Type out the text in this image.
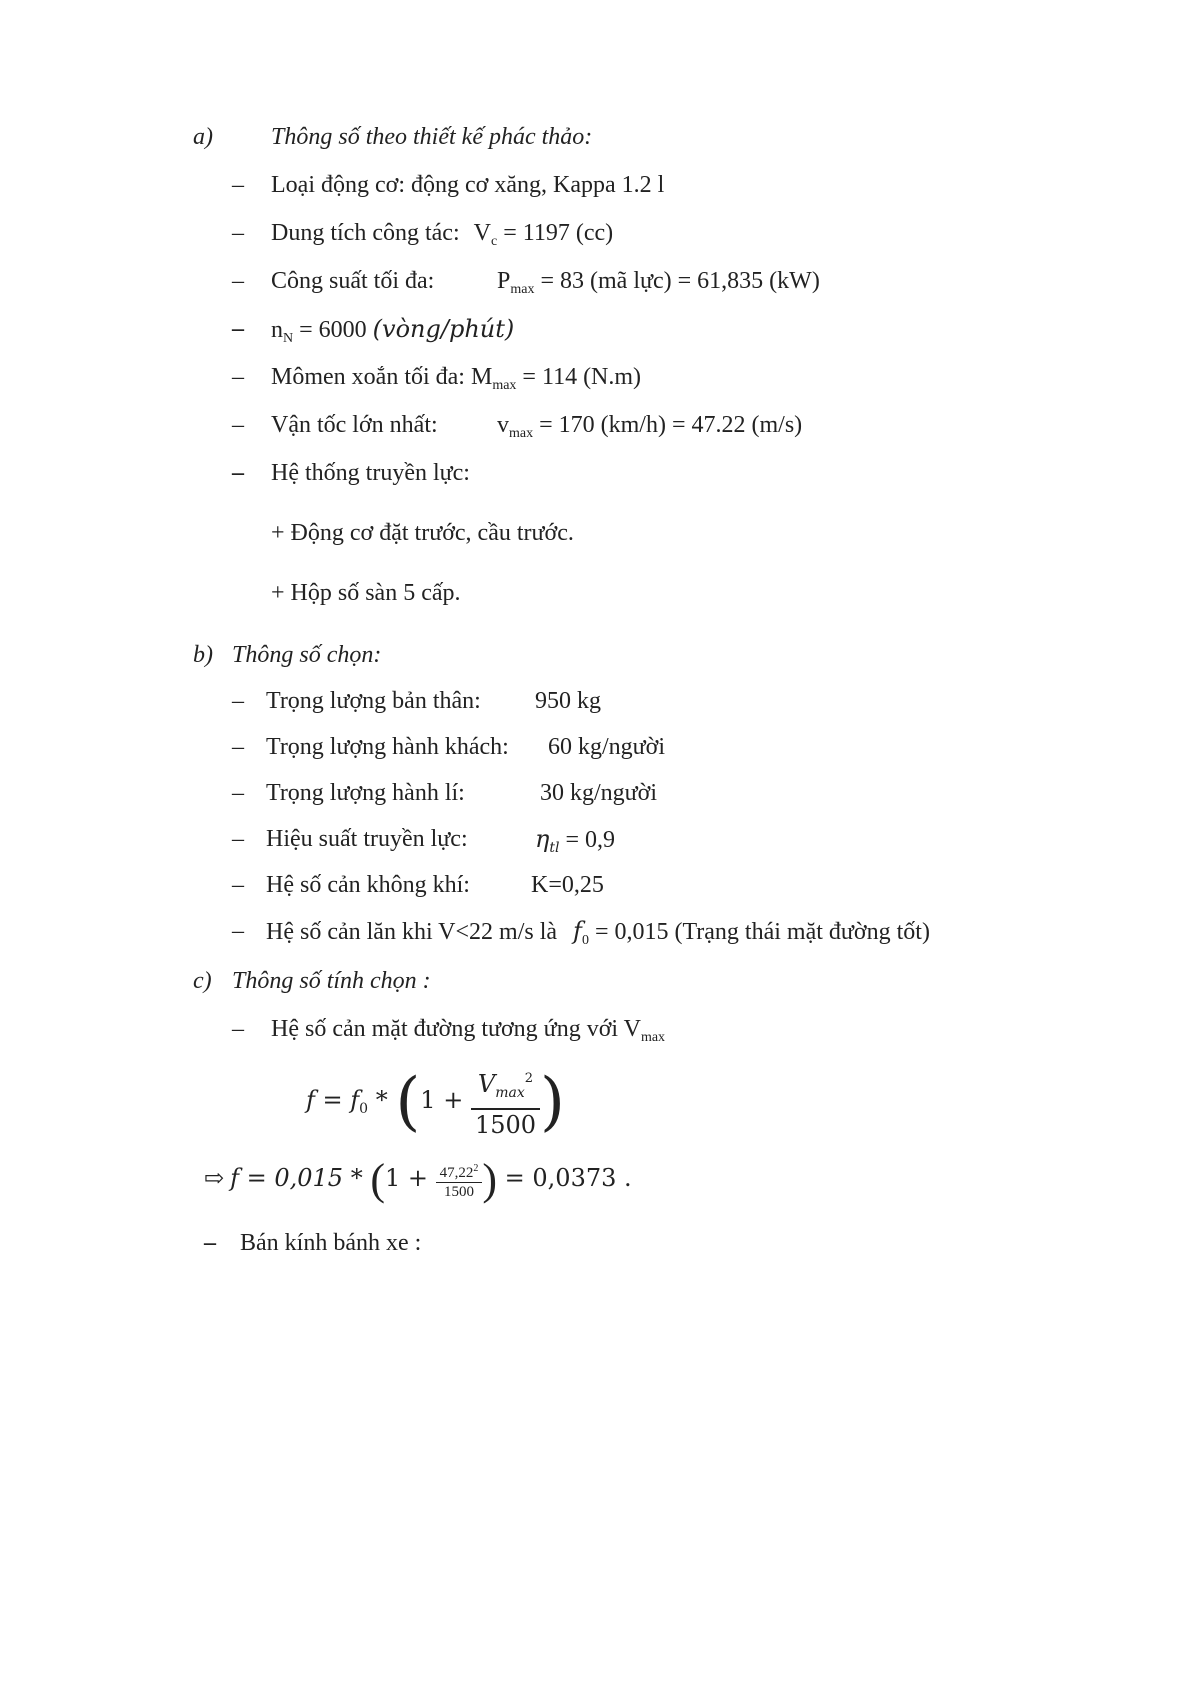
a) Thông số theo thiết kế phác thảo:
– Loại động cơ: động cơ xăng, Kappa 1.2 l
– Dung tích công tác: $V_c = 1197$ (cc)
– Công suất tối đa:	$P_{max} = 83$ (mã lực) = 61,835 (kW)
– $n_N = 6000$ (vòng/phút)
– Mômen xoắn tối đa: $M_{max} = 114$ (N.m)
– Vận tốc lớn nhất: $v_{max} = 170$ (km/h) = 47.22 (m/s)
– Hệ thống truyền lực:
+ Động cơ đặt trước, cầu trước.
+ Hộp số sàn 5 cấp.
b) Thông số chọn:
– Trọng lượng bản thân: 950 kg
– Trọng lượng hành khách: 60 kg/người
– Trọng lượng hành lí:	30 kg/người
– Hiệu suất truyền lực:	$\eta_{tl} = 0,9$
– Hệ số cản không khí:	K=0,25
– Hệ số cản lăn khi V<22 m/s là $f_0 = 0,015$ (Trạng thái mặt đường tốt)
c) Thông số tính chọn :
– Hệ số cản mặt đường tương ứng với $V_{max}$
$f = f_0 * (1 + \frac{V_{max}^2}{1500}$ )
⇨ $f = 0,015 * (1 + \frac{47,22^2}{1500}$ ) = 0,0373 .
– Bán kính bánh xe :
